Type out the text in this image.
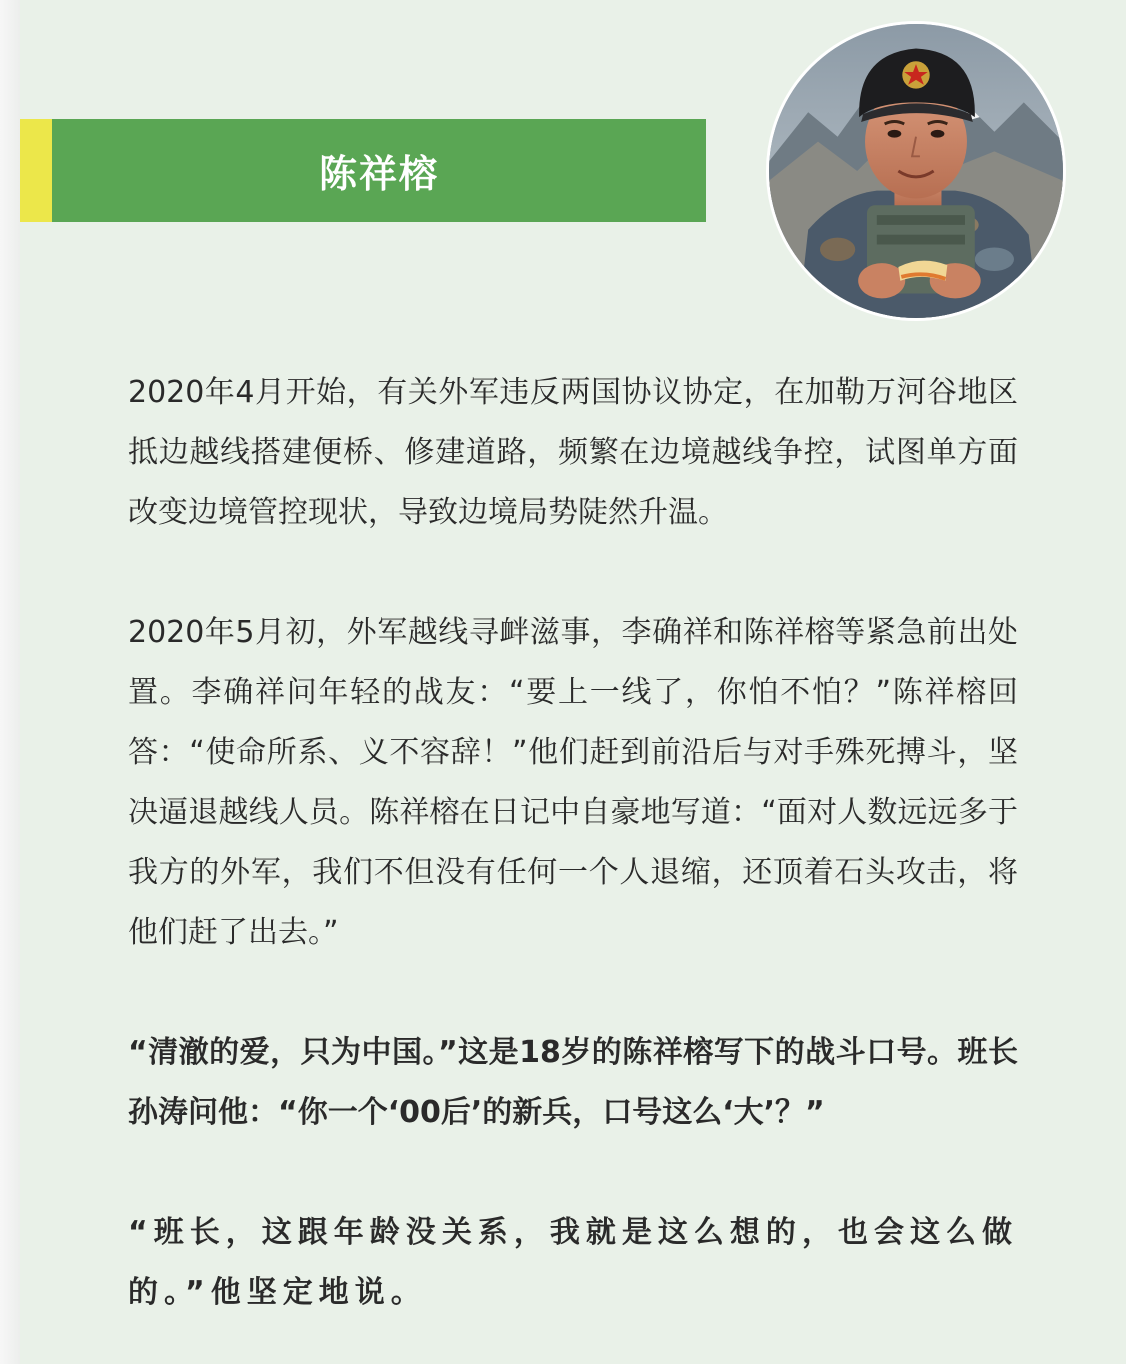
陈祥榕

2020年4月开始，有关外军违反两国协议协定，在加勒万河谷地区抵边越线搭建便桥、修建道路，频繁在边境越线争控，试图单方面改变边境管控现状，导致边境局势陡然升温。

2020年5月初，外军越线寻衅滋事，李确祥和陈祥榕等紧急前出处置。李确祥问年轻的战友：“要上一线了，你怕不怕？”陈祥榕回答：“使命所系、义不容辞！”他们赶到前沿后与对手殊死搏斗，坚决逼退越线人员。陈祥榕在日记中自豪地写道：“面对人数远远多于我方的外军，我们不但没有任何一个人退缩，还顶着石头攻击，将他们赶了出去。”

“清澈的爱，只为中国。”这是18岁的陈祥榕写下的战斗口号。班长孙涛问他：“你一个‘00后’的新兵，口号这么‘大’？”

“班长，这跟年龄没关系，我就是这么想的，也会这么做的。”他坚定地说。
